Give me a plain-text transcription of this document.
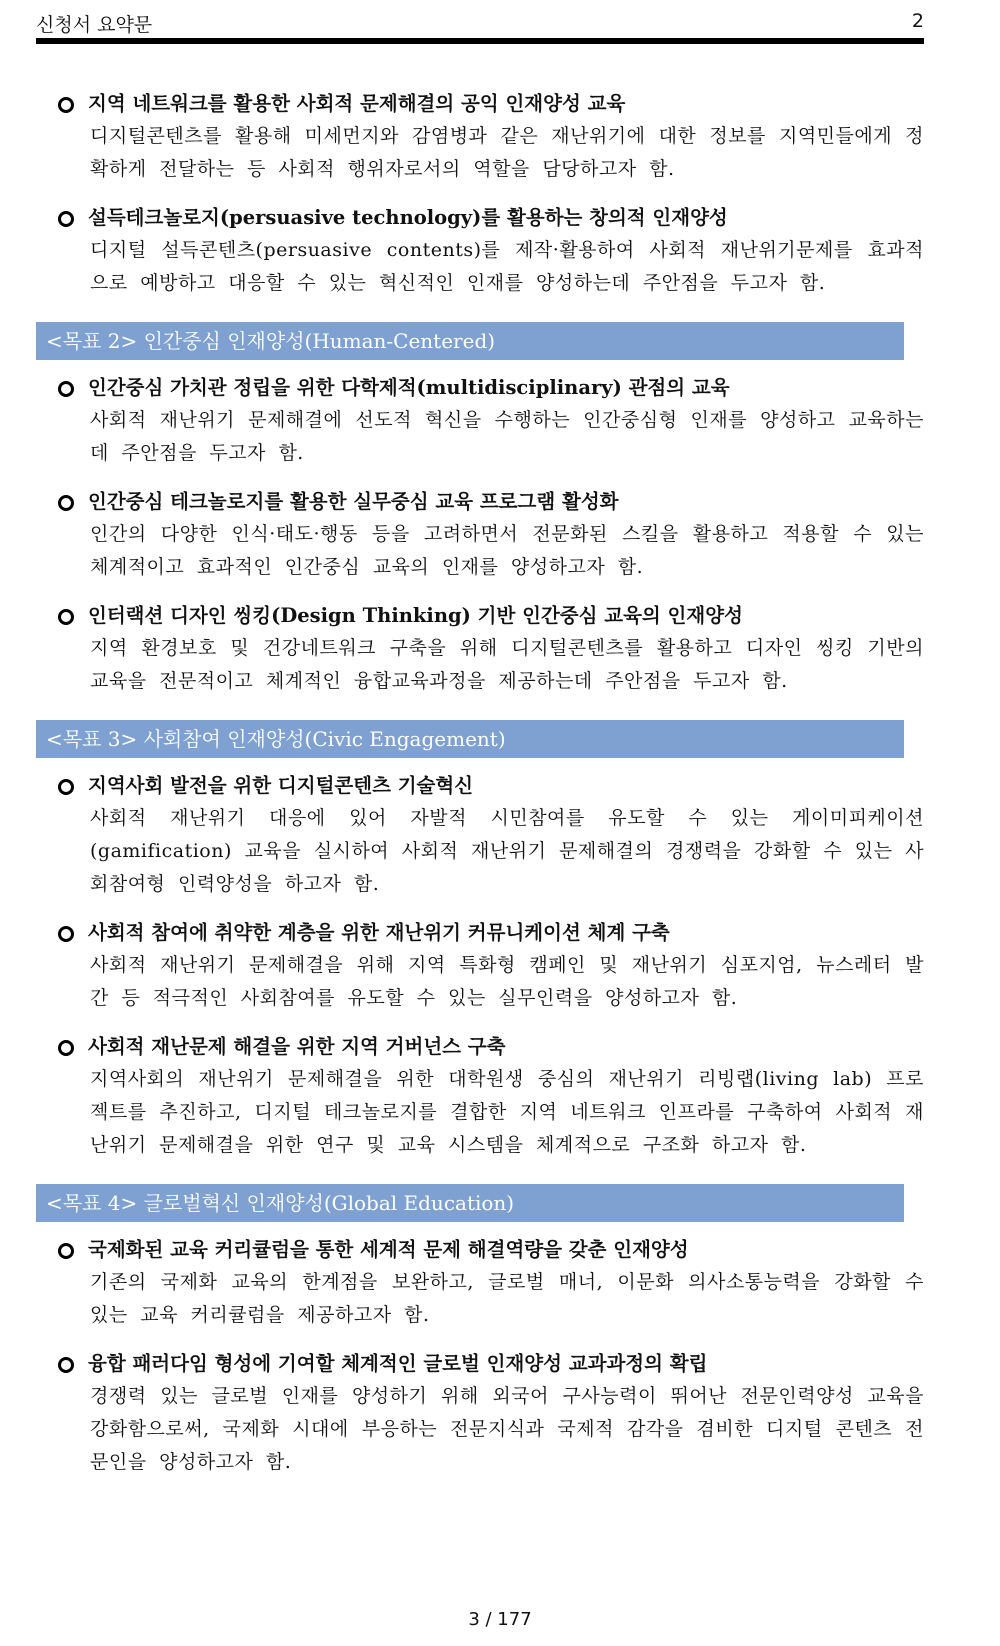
신청서 요약문	2
지역 네트워크를 활용한 사회적 문제해결의 공익 인재양성 교육
디지털콘텐츠를 활용해 미세먼지와 감염병과 같은 재난위기에 대한 정보를 지역민들에게 정확하게 전달하는 등 사회적 행위자로서의 역할을 담당하고자 함.
설득테크놀로지(persuasive technology)를 활용하는 창의적 인재양성
디지털 설득콘텐츠(persuasive contents)를 제작·활용하여 사회적 재난위기문제를 효과적으로 예방하고 대응할 수 있는 혁신적인 인재를 양성하는데 주안점을 두고자 함.
<목표 2> 인간중심 인재양성(Human-Centered)
인간중심 가치관 정립을 위한 다학제적(multidisciplinary) 관점의 교육
사회적 재난위기 문제해결에 선도적 혁신을 수행하는 인간중심형 인재를 양성하고 교육하는데 주안점을 두고자 함.
인간중심 테크놀로지를 활용한 실무중심 교육 프로그램 활성화
인간의 다양한 인식·태도·행동 등을 고려하면서 전문화된 스킬을 활용하고 적용할 수 있는 체계적이고 효과적인 인간중심 교육의 인재를 양성하고자 함.
인터랙션 디자인 씽킹(Design Thinking) 기반 인간중심 교육의 인재양성
지역 환경보호 및 건강네트워크 구축을 위해 디지털콘텐츠를 활용하고 디자인 씽킹 기반의 교육을 전문적이고 체계적인 융합교육과정을 제공하는데 주안점을 두고자 함.
<목표 3> 사회참여 인재양성(Civic Engagement)
지역사회 발전을 위한 디지털콘텐츠 기술혁신
사회적 재난위기 대응에 있어 자발적 시민참여를 유도할 수 있는 게이미피케이션(gamification) 교육을 실시하여 사회적 재난위기 문제해결의 경쟁력을 강화할 수 있는 사회참여형 인력양성을 하고자 함.
사회적 참여에 취약한 계층을 위한 재난위기 커뮤니케이션 체계 구축
사회적 재난위기 문제해결을 위해 지역 특화형 캠페인 및 재난위기 심포지엄, 뉴스레터 발간 등 적극적인 사회참여를 유도할 수 있는 실무인력을 양성하고자 함.
사회적 재난문제 해결을 위한 지역 거버넌스 구축
지역사회의 재난위기 문제해결을 위한 대학원생 중심의 재난위기 리빙랩(living lab) 프로젝트를 추진하고, 디지털 테크놀로지를 결합한 지역 네트워크 인프라를 구축하여 사회적 재난위기 문제해결을 위한 연구 및 교육 시스템을 체계적으로 구조화 하고자 함.
<목표 4> 글로벌혁신 인재양성(Global Education)
국제화된 교육 커리큘럼을 통한 세계적 문제 해결역량을 갖춘 인재양성
기존의 국제화 교육의 한계점을 보완하고, 글로벌 매너, 이문화 의사소통능력을 강화할 수 있는 교육 커리큘럼을 제공하고자 함.
융합 패러다임 형성에 기여할 체계적인 글로벌 인재양성 교과과정의 확립
경쟁력 있는 글로벌 인재를 양성하기 위해 외국어 구사능력이 뛰어난 전문인력양성 교육을 강화함으로써, 국제화 시대에 부응하는 전문지식과 국제적 감각을 겸비한 디지털 콘텐츠 전문인을 양성하고자 함.
3 / 177
